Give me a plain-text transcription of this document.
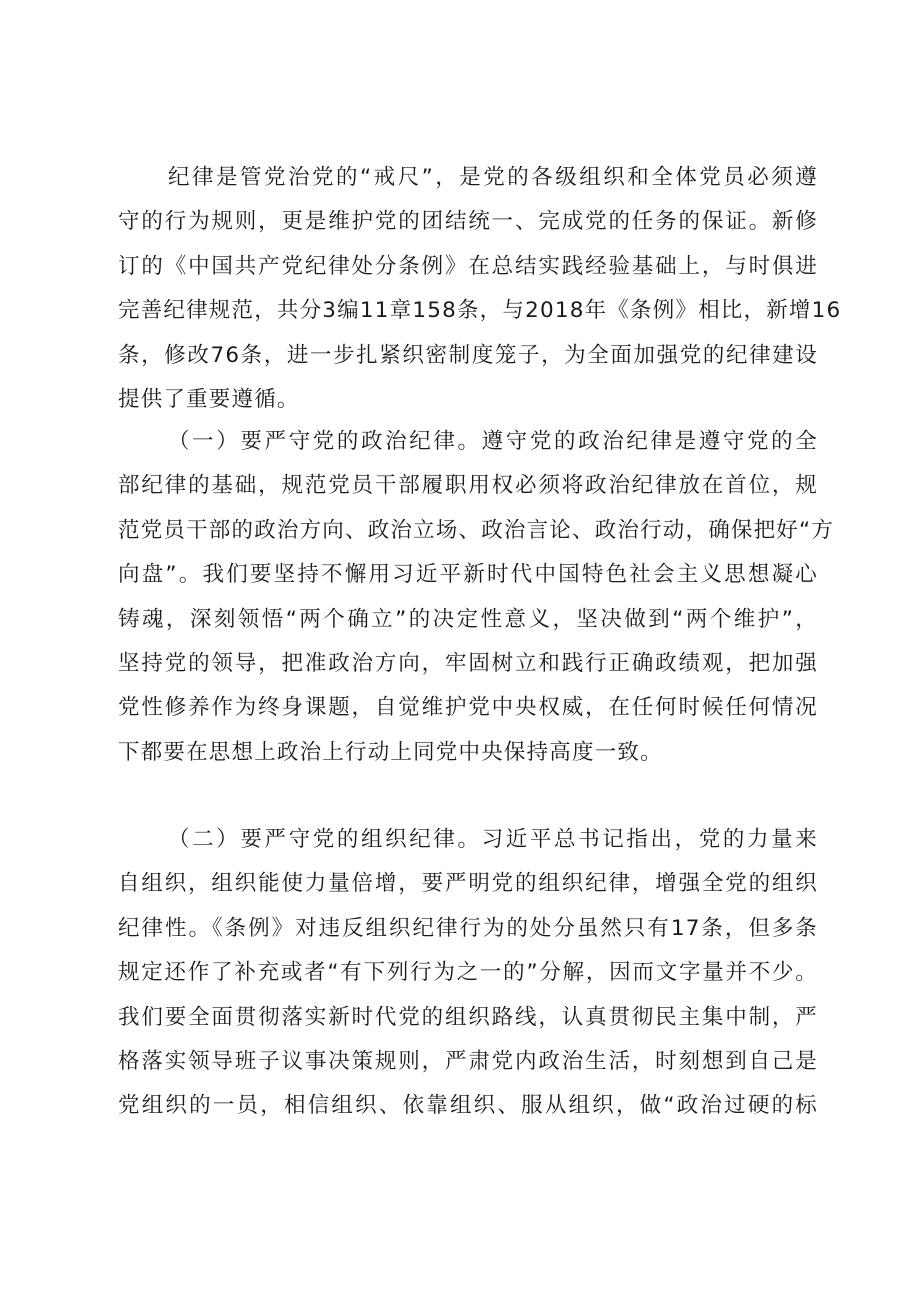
纪律是管党治党的“戒尺”，是党的各级组织和全体党员必须遵
守的行为规则，更是维护党的团结统一、完成党的任务的保证。新修
订的《中国共产党纪律处分条例》在总结实践经验基础上，与时俱进
完善纪律规范，共分3编11章158条，与2018年《条例》相比，新增16
条，修改76条，进一步扎紧织密制度笼子，为全面加强党的纪律建设
提供了重要遵循。
（一）要严守党的政治纪律。遵守党的政治纪律是遵守党的全
部纪律的基础，规范党员干部履职用权必须将政治纪律放在首位，规
范党员干部的政治方向、政治立场、政治言论、政治行动，确保把好“方
向盘”。我们要坚持不懈用习近平新时代中国特色社会主义思想凝心
铸魂，深刻领悟“两个确立”的决定性意义，坚决做到“两个维护”，
坚持党的领导，把准政治方向，牢固树立和践行正确政绩观，把加强
党性修养作为终身课题，自觉维护党中央权威，在任何时候任何情况
下都要在思想上政治上行动上同党中央保持高度一致。
（二）要严守党的组织纪律。习近平总书记指出，党的力量来
自组织，组织能使力量倍增，要严明党的组织纪律，增强全党的组织
纪律性。《条例》对违反组织纪律行为的处分虽然只有17条，但多条
规定还作了补充或者“有下列行为之一的”分解，因而文字量并不少。
我们要全面贯彻落实新时代党的组织路线，认真贯彻民主集中制，严
格落实领导班子议事决策规则，严肃党内政治生活，时刻想到自己是
党组织的一员，相信组织、依靠组织、服从组织，做“政治过硬的标
